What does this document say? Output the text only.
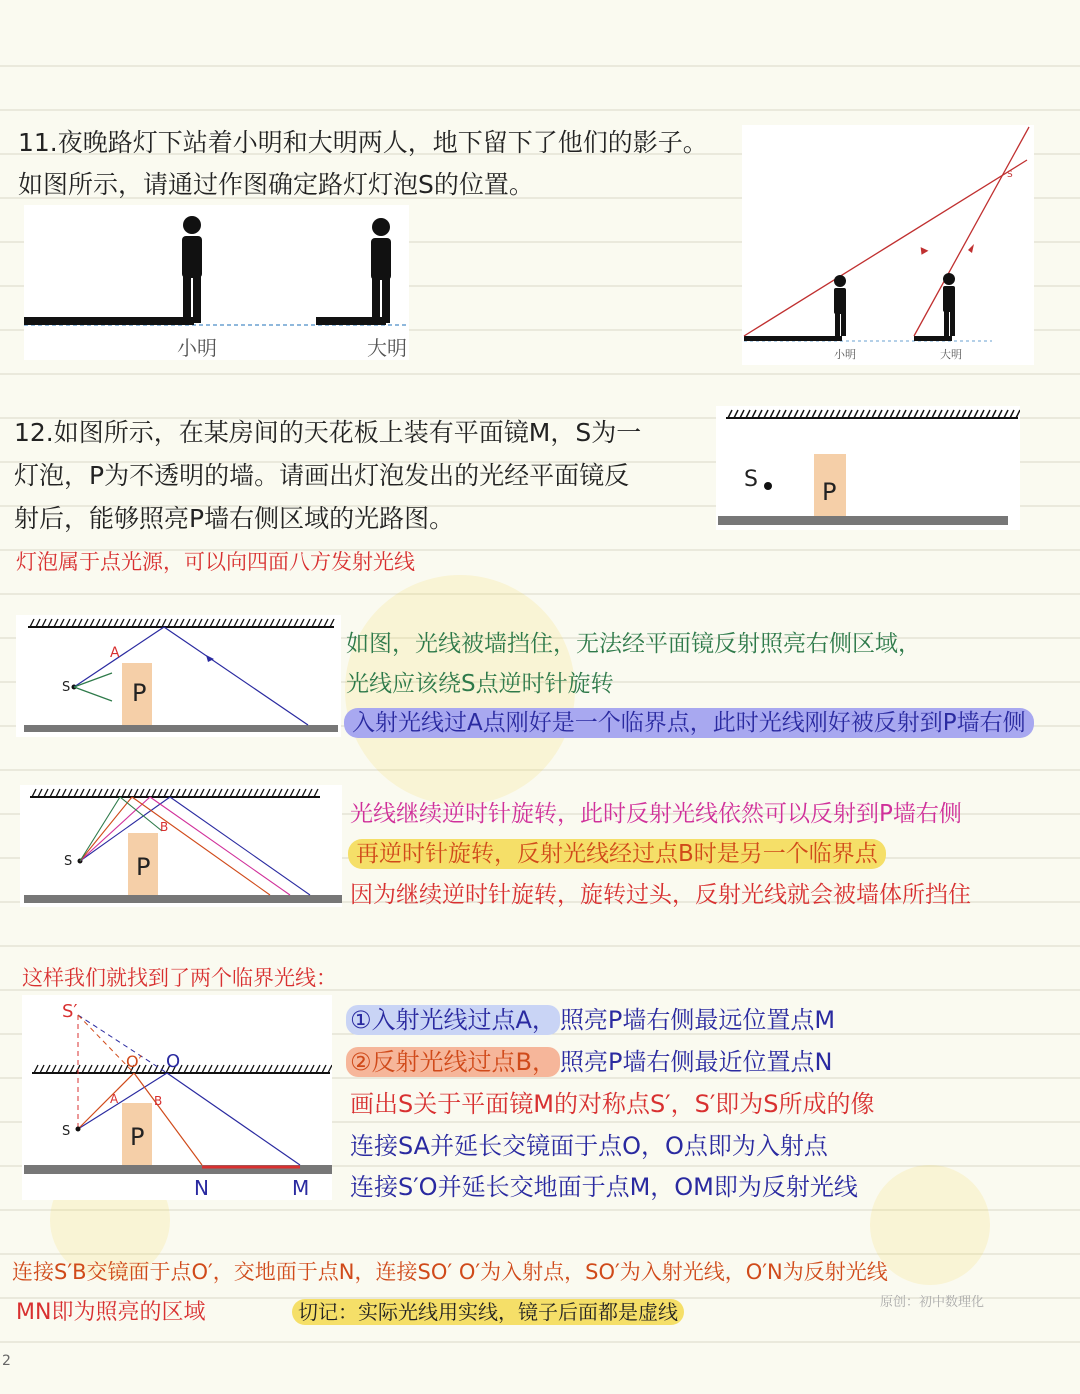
11.夜晚路灯下站着小明和大明两人，地下留下了他们的影子。
如图所示，请通过作图确定路灯灯泡S的位置。
小明	大明
S
小明	大明
12.如图所示，在某房间的天花板上装有平面镜M，S为一
灯泡，P为不透明的墙。请画出灯泡发出的光经平面镜反
射后，能够照亮P墙右侧区域的光路图。
灯泡属于点光源，可以向四面八方发射光线
S	P
S
A
P
如图，光线被墙挡住，无法经平面镜反射照亮右侧区域，
光线应该绕S点逆时针旋转
入射光线过A点刚好是一个临界点，此时光线刚好被反射到P墙右侧
S
B
P
光线继续逆时针旋转，此时反射光线依然可以反射到P墙右侧
再逆时针旋转，反射光线经过点B时是另一个临界点
因为继续逆时针旋转，旋转过头，反射光线就会被墙体所挡住
这样我们就找到了两个临界光线：
S′
S
O′ O
A	B
P
N	M
①入射光线过点A， 照亮P墙右侧最远位置点M
②反射光线过点B， 照亮P墙右侧最近位置点N
画出S关于平面镜M的对称点S′，S′即为S所成的像
连接SA并延长交镜面于点O，O点即为入射点
连接S′O并延长交地面于点M，OM即为反射光线
连接S′B交镜面于点O′，交地面于点N，连接SO′ O′为入射点，SO′为入射光线，O′N为反射光线
MN即为照亮的区域	切记：实际光线用实线，镜子后面都是虚线	原创：初中数理化
2
